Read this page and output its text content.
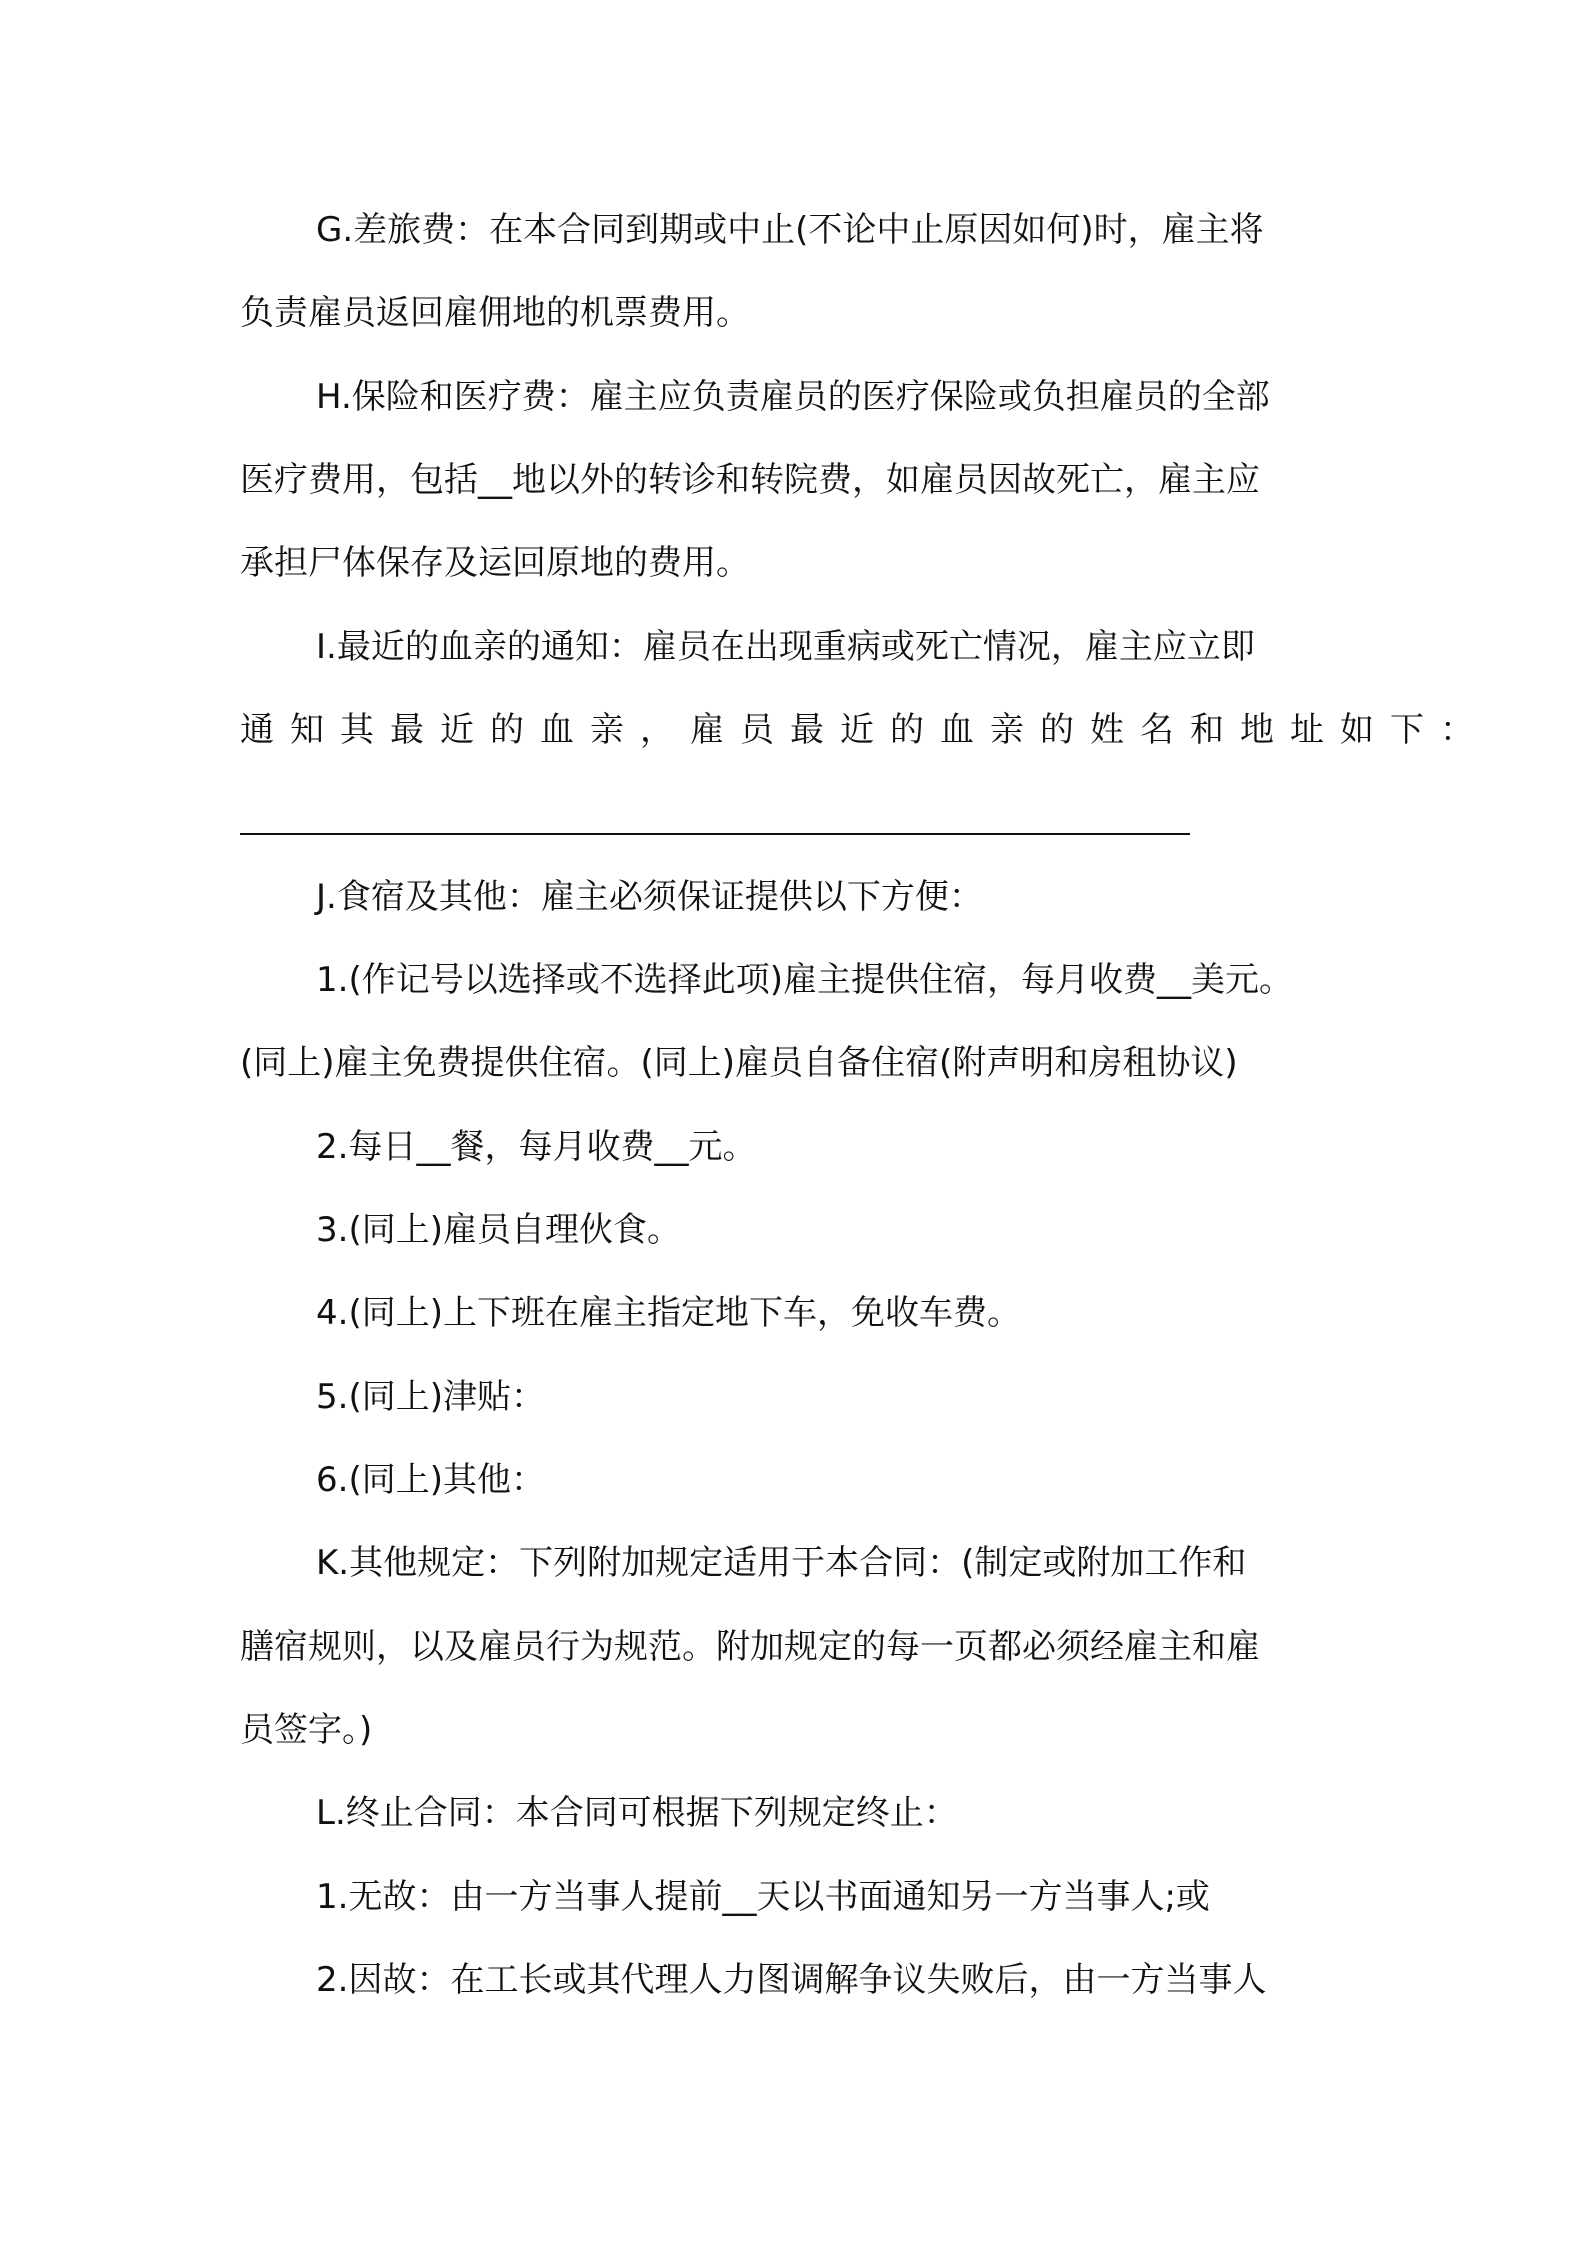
G.差旅费：在本合同到期或中止(不论中止原因如何)时，雇主将
负责雇员返回雇佣地的机票费用。
H.保险和医疗费：雇主应负责雇员的医疗保险或负担雇员的全部
医疗费用，包括__地以外的转诊和转院费，如雇员因故死亡，雇主应
承担尸体保存及运回原地的费用。
I.最近的血亲的通知：雇员在出现重病或死亡情况，雇主应立即
通知其最近的血亲，雇员最近的血亲的姓名和地址如下：
J.食宿及其他：雇主必须保证提供以下方便：
1.(作记号以选择或不选择此项)雇主提供住宿，每月收费__美元。
(同上)雇主免费提供住宿。(同上)雇员自备住宿(附声明和房租协议)
2.每日__餐，每月收费__元。
3.(同上)雇员自理伙食。
4.(同上)上下班在雇主指定地下车，免收车费。
5.(同上)津贴：
6.(同上)其他：
K.其他规定：下列附加规定适用于本合同：(制定或附加工作和
膳宿规则，以及雇员行为规范。附加规定的每一页都必须经雇主和雇
员签字。)
L.终止合同：本合同可根据下列规定终止：
1.无故：由一方当事人提前__天以书面通知另一方当事人;或
2.因故：在工长或其代理人力图调解争议失败后，由一方当事人
